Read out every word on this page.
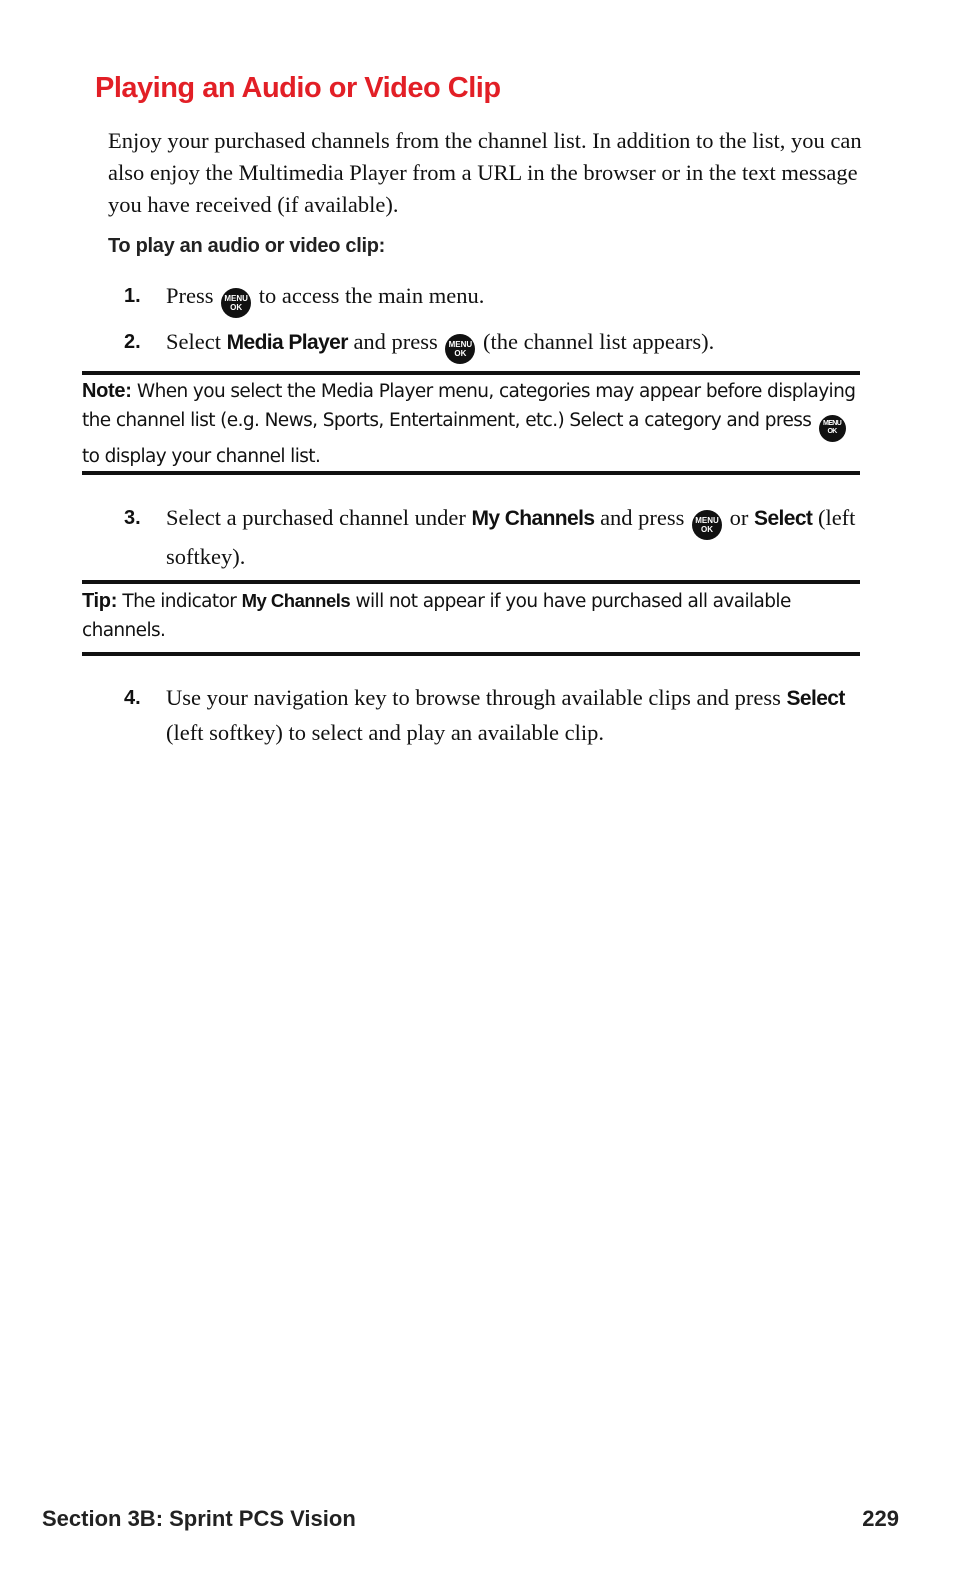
Playing an Audio or Video Clip
Enjoy your purchased channels from the channel list. In addition to the list, you can also enjoy the Multimedia Player from a URL in the browser or in the text message you have received (if available).
To play an audio or video clip:
1.	Press MENU
OK to access the main menu.
2.	Select Media Player and press MENU
OK (the channel list appears).
Note: When you select the Media Player menu, categories may appear before displaying the channel list (e.g. News, Sports, Entertainment, etc.) Select a category and press MENU
OK to display your channel list.
3.	Select a purchased channel under My Channels and press MENU
OK or Select (left softkey).
Tip: The indicator My Channels will not appear if you have purchased all available channels.
4.	Use your navigation key to browse through available clips and press Select (left softkey) to select and play an available clip.
Section 3B: Sprint PCS Vision	229
